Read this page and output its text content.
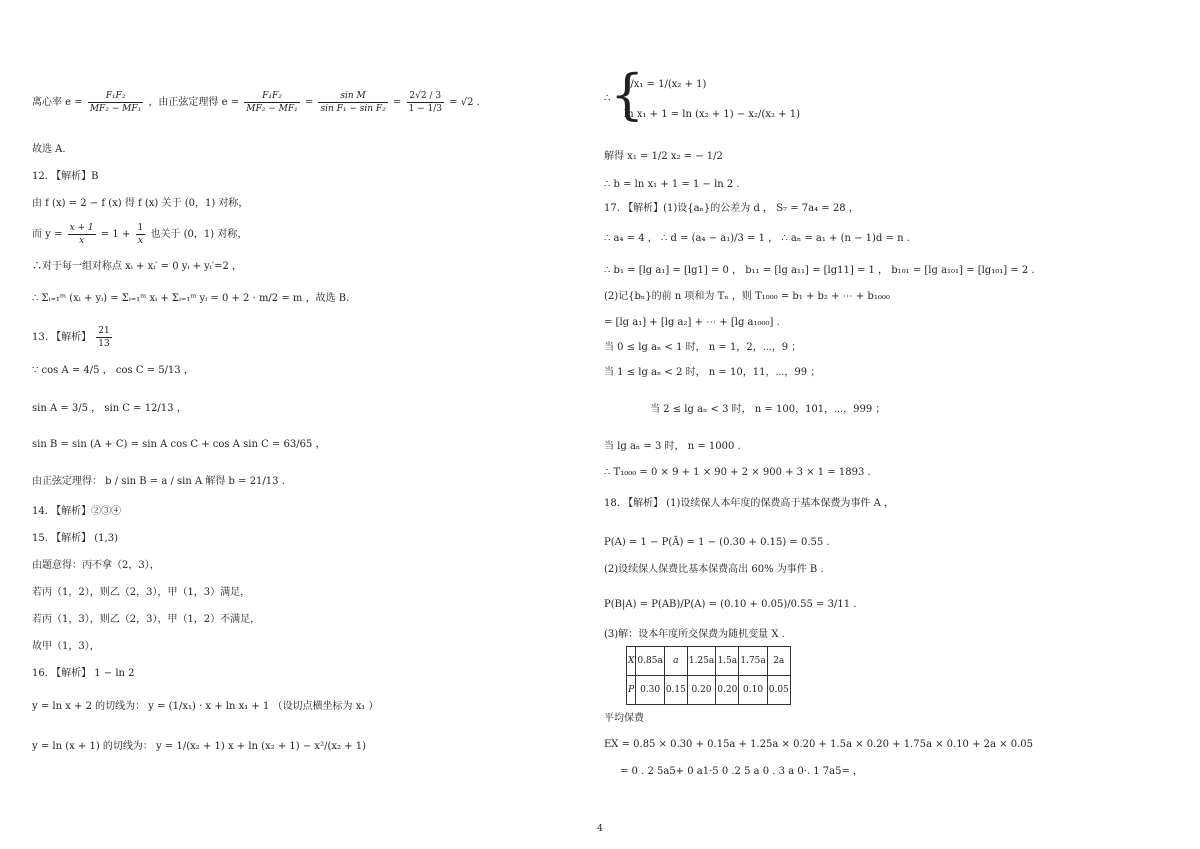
离心率 $e = \frac{\text{F₁F₂}}{\text{MF₂ − MF₁}}$ ，由正弦定理得 $e = \frac{\text{F₁F₂}}{\text{MF₂ − MF₁}} = \frac{\text{sin M}}{\text{sin F₁ − sin F₂}} = \frac{2√2 / 3}{1 - 1/3} = √2$ .
故选 A.
12. 【解析】B
由 f (x) = 2 − f (x) 得 f (x) 关于 (0，1) 对称，
而 $y = \frac{x + 1}{x} = 1 + \frac{1}{x}$ 也关于 (0，1) 对称，
∴对于每一组对称点 xᵢ + xᵢ′ = 0 yᵢ + yᵢ′=2 ，
∴ Σᵢ₌₁ᵐ (xᵢ + yᵢ) = Σᵢ₌₁ᵐ xᵢ + Σᵢ₌₁ᵐ yᵢ = 0 + 2 · m/2 = m ，故选 B.
13. 【解析】 $\frac{21}{13}$
∵ cos A = 4/5 ， cos C = 5/13 ，
sin A = 3/5 ， sin C = 12/13 ，
sin B = sin (A + C) = sin A cos C + cos A sin C = 63/65 ，
由正弦定理得： b / sin B = a / sin A 解得 b = 21/13 .
14. 【解析】②③④
15. 【解析】 (1,3)
由题意得：丙不拿（2，3），
若丙（1，2），则乙（2，3），甲（1，3）满足，
若丙（1，3），则乙（2，3），甲（1，2）不满足，
故甲（1，3），
16. 【解析】 1 − ln 2
y = ln x + 2 的切线为： y = (1/x₁) · x + ln x₁ + 1 （设切点横坐标为 x₁ ）
y = ln (x + 1) 的切线为： y = 1/(x₂ + 1) x + ln (x₂ + 1) − x²/(x₂ + 1)
∴ {
1/x₁ = 1/(x₂ + 1)
ln x₁ + 1 = ln (x₂ + 1) − x₂/(x₂ + 1)
解得 x₁ = 1/2 x₂ = − 1/2
∴ b = ln x₁ + 1 = 1 − ln 2 .
17. 【解析】(1)设{aₙ}的公差为 d ， S₇ = 7a₄ = 28 ，
∴ a₄ = 4 ， ∴ d = (a₄ − a₁)/3 = 1 ， ∴ aₙ = a₁ + (n − 1)d = n .
∴ b₁ = [lg a₁] = [lg1] = 0 ， b₁₁ = [lg a₁₁] = [lg11] = 1 ， b₁₀₁ = [lg a₁₀₁] = [lg₁₀₁] = 2 .
(2)记{bₙ}的前 n 项和为 Tₙ ，则 T₁₀₀₀ = b₁ + b₂ + ⋯ + b₁₀₀₀
= [lg a₁] + [lg a₂] + ⋯ + [lg a₁₀₀₀] .
当 0 ≤ lg aₙ < 1 时， n = 1，2，⋯，9 ；
当 1 ≤ lg aₙ < 2 时， n = 10，11，⋯，99 ；
当 2 ≤ lg aₙ < 3 时， n = 100，101，⋯，999 ；
当 lg aₙ = 3 时， n = 1000 .
∴ T₁₀₀₀ = 0 × 9 + 1 × 90 + 2 × 900 + 3 × 1 = 1893 .
18. 【解析】 (1)设续保人本年度的保费高于基本保费为事件 A ，
P(A) = 1 − P(Ā) = 1 − (0.30 + 0.15) = 0.55 .
(2)设续保人保费比基本保费高出 60% 为事件 B .
P(B|A) = P(AB)/P(A) = (0.10 + 0.05)/0.55 = 3/11 .
(3)解：设本年度所交保费为随机变量 X .
X	0.85a	a	1.25a	1.5a	1.75a	2a
P	0.30	0.15	0.20	0.20	0.10	0.05
平均保费
EX = 0.85 × 0.30 + 0.15a + 1.25a × 0.20 + 1.5a × 0.20 + 1.75a × 0.10 + 2a × 0.05
= 0 . 2 5a5+ 0 a1·5 0 .2 5 a 0 . 3 a 0·. 1 7a5= ，
4
